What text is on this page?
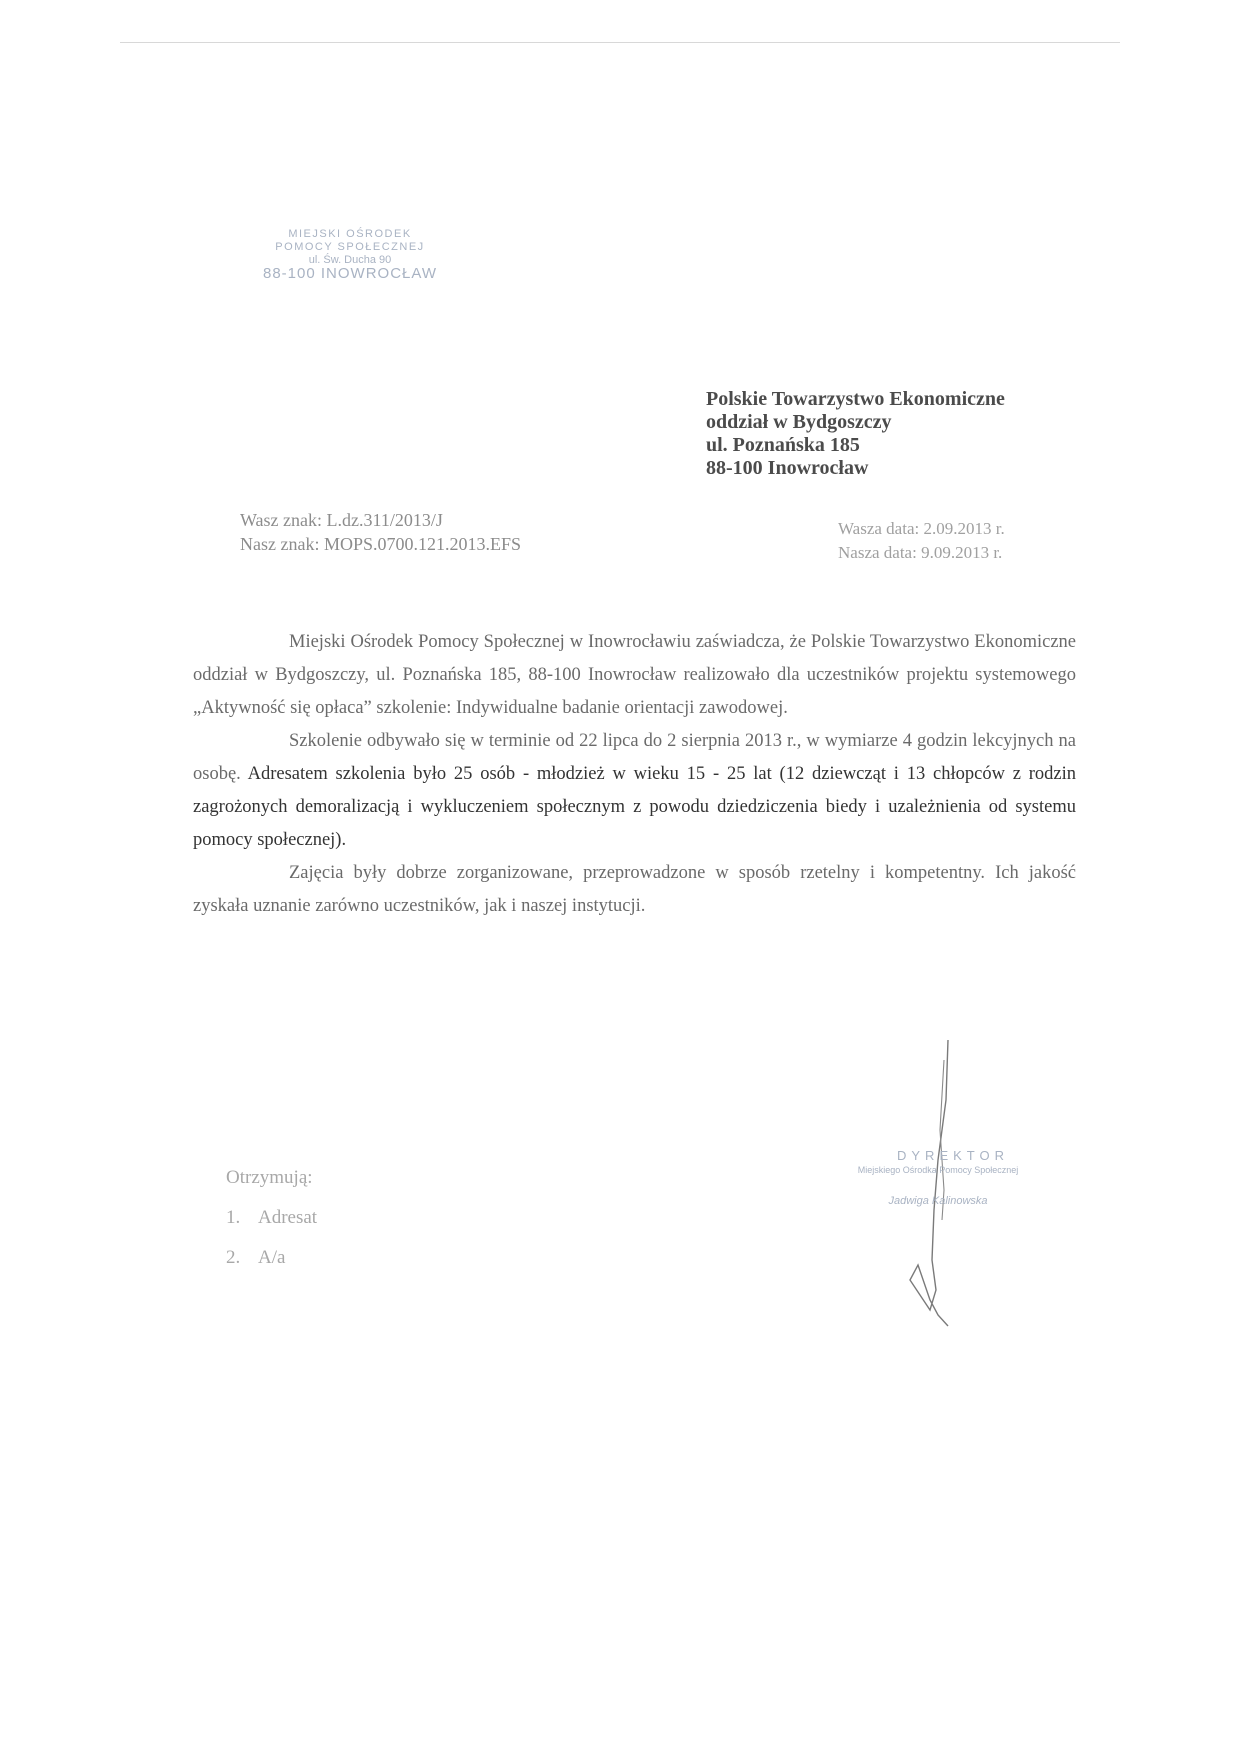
MIEJSKI OŚRODEK
POMOCY SPOŁECZNEJ
ul. Św. Ducha 90
88-100 INOWROCŁAW
Polskie Towarzystwo Ekonomiczne
oddział w Bydgoszczy
ul. Poznańska 185
88-100 Inowrocław
Wasz znak: L.dz.311/2013/J
Nasz znak: MOPS.0700.121.2013.EFS
Wasza data: 2.09.2013 r.
Nasza data: 9.09.2013 r.

Miejski Ośrodek Pomocy Społecznej w Inowrocławiu zaświadcza, że Polskie Towarzystwo Ekonomiczne oddział w Bydgoszczy, ul. Poznańska 185, 88-100 Inowrocław realizowało dla uczestników projektu systemowego „Aktywność się opłaca” szkolenie: Indywidualne badanie orientacji zawodowej.

Szkolenie odbywało się w terminie od 22 lipca do 2 sierpnia 2013 r., w wymiarze 4 godzin lekcyjnych na osobę. Adresatem szkolenia było 25 osób - młodzież w wieku 15 - 25 lat (12 dziewcząt i 13 chłopców z rodzin zagrożonych demoralizacją i wykluczeniem społecznym z powodu dziedziczenia biedy i uzależnienia od systemu pomocy społecznej).

Zajęcia były dobrze zorganizowane, przeprowadzone w sposób rzetelny i kompetentny. Ich jakość zyskała uznanie zarówno uczestników, jak i naszej instytucji.

Otrzymują:
1. Adresat
2. A/a
DYREKTOR
Miejskiego Ośrodka Pomocy Społecznej
Jadwiga Kalinowska
